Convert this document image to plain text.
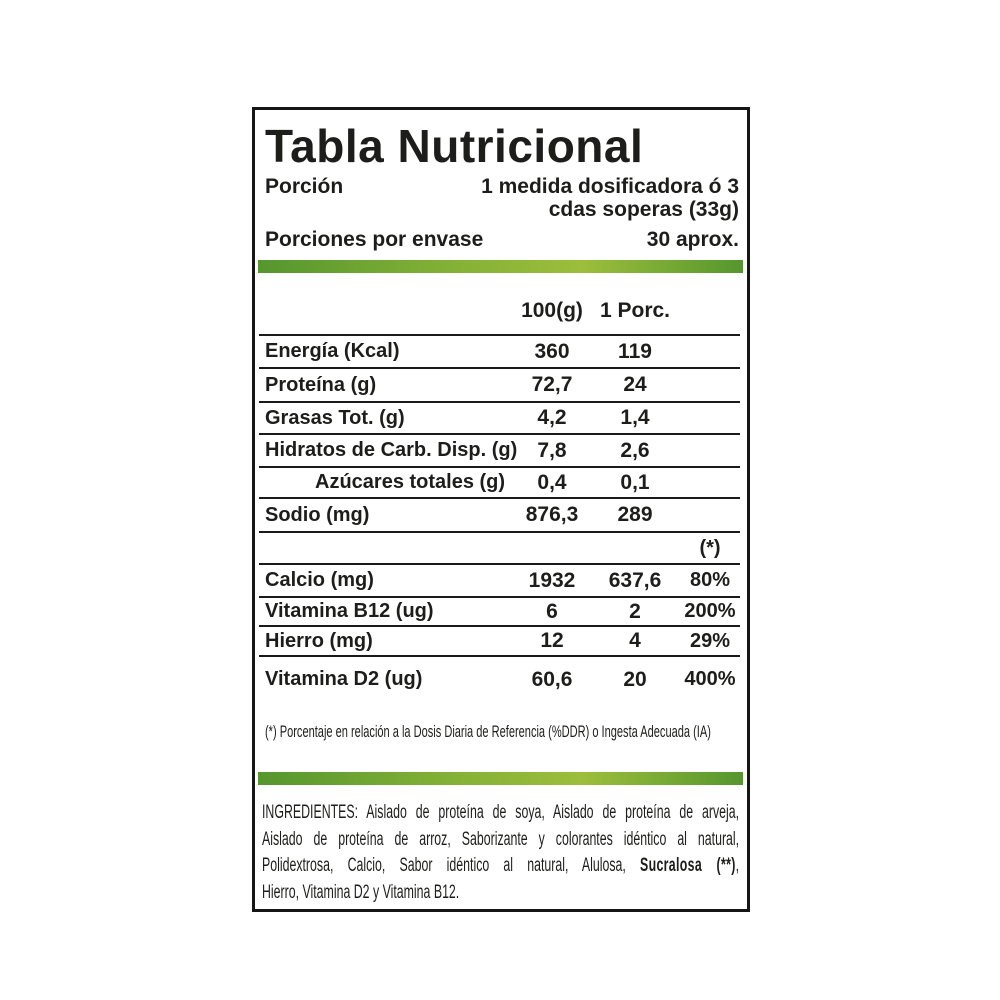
Tabla Nutricional
Porción	1 medida dosificadora ó 3
cdas soperas (33g)
Porciones por envase	30 aprox.
100(g) 1 Porc.
Energía (Kcal)	360	119
Proteína (g)	72,7	24
Grasas Tot. (g)	4,2	1,4
Hidratos de Carb. Disp. (g) 7,8	2,6
Azúcares totales (g)	0,4	0,1
Sodio (mg)	876,3	289
(*)
Calcio (mg)	1932	637,6	80%
Vitamina B12 (ug)	6	2	200%
Hierro (mg)	12	4	29%
Vitamina D2 (ug)	60,6	20	400%
(*) Porcentaje en relación a la Dosis Diaria de Referencia (%DDR) o Ingesta Adecuada (IA)
INGREDIENTES: Aislado de proteína de soya, Aislado de proteína de arveja,
Aislado de proteína de arroz, Saborizante y colorantes idéntico al natural,
Polidextrosa, Calcio, Sabor idéntico al natural, Alulosa, Sucralosa (**),
Hierro, Vitamina D2 y Vitamina B12.
